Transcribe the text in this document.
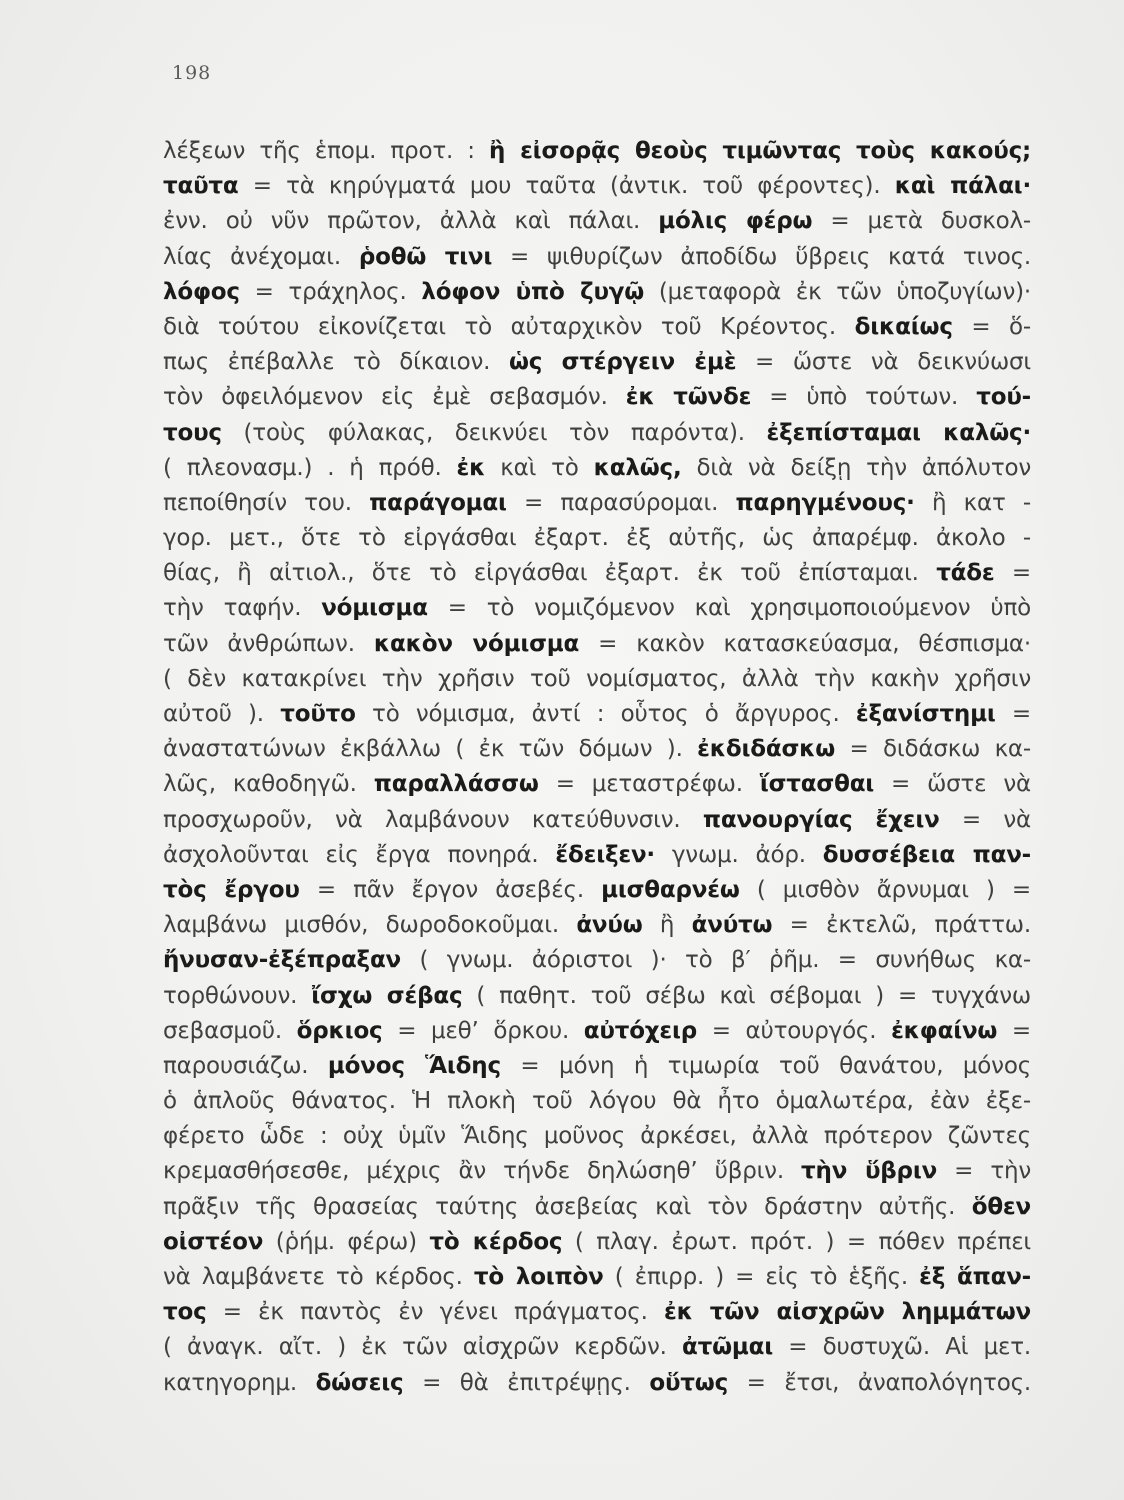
198
λέξεων τῆς ἑπομ. προτ. : ἢ εἰσορᾷς θεοὺς τιμῶντας τοὺς κακούς;
ταῦτα = τὰ κηρύγματά μου ταῦτα (ἀντικ. τοῦ φέροντες). καὶ πάλαι·
ἐνν. οὐ νῦν πρῶτον, ἀλλὰ καὶ πάλαι. μόλις φέρω = μετὰ δυσκολ-
λίας ἀνέχομαι. ῥοθῶ τινι = ψιθυρίζων ἀποδίδω ὕβρεις κατά τινος.
λόφος = τράχηλος. λόφον ὑπὸ ζυγῷ (μεταφορὰ ἐκ τῶν ὑποζυγίων)·
διὰ τούτου εἰκονίζεται τὸ αὐταρχικὸν τοῦ Κρέοντος. δικαίως = ὅ-
πως ἐπέβαλλε τὸ δίκαιον. ὡς στέργειν ἐμὲ = ὥστε νὰ δεικνύωσι
τὸν ὀφειλόμενον εἰς ἐμὲ σεβασμόν. ἐκ τῶνδε = ὑπὸ τούτων. τού-
τους (τοὺς φύλακας, δεικνύει τὸν παρόντα). ἐξεπίσταμαι καλῶς·
( πλεονασμ.) . ἡ πρόθ. ἐκ καὶ τὸ καλῶς, διὰ νὰ δείξῃ τὴν ἀπόλυτον
πεποίθησίν του. παράγομαι = παρασύρομαι. παρηγμένους· ἢ κατ -
γορ. μετ., ὅτε τὸ εἰργάσθαι ἐξαρτ. ἐξ αὐτῆς, ὡς ἀπαρέμφ. ἀκολο -
θίας, ἢ αἰτιολ., ὅτε τὸ εἰργάσθαι ἐξαρτ. ἐκ τοῦ ἐπίσταμαι. τάδε =
τὴν ταφήν. νόμισμα = τὸ νομιζόμενον καὶ χρησιμοποιούμενον ὑπὸ
τῶν ἀνθρώπων. κακὸν νόμισμα = κακὸν κατασκεύασμα, θέσπισμα·
( δὲν κατακρίνει τὴν χρῆσιν τοῦ νομίσματος, ἀλλὰ τὴν κακὴν χρῆσιν
αὐτοῦ ). τοῦτο τὸ νόμισμα, ἀντί : οὗτος ὁ ἄργυρος. ἐξανίστημι =
ἀναστατώνων ἐκβάλλω ( ἐκ τῶν δόμων ). ἐκδιδάσκω = διδάσκω κα-
λῶς, καθοδηγῶ. παραλλάσσω = μεταστρέφω. ἵστασθαι = ὥστε νὰ
προσχωροῦν, νὰ λαμβάνουν κατεύθυνσιν. πανουργίας ἔχειν = νὰ
ἀσχολοῦνται εἰς ἔργα πονηρά. ἔδειξεν· γνωμ. ἀόρ. δυσσέβεια παν-
τὸς ἔργου = πᾶν ἔργον ἀσεβές. μισθαρνέω ( μισθὸν ἄρνυμαι ) =
λαμβάνω μισθόν, δωροδοκοῦμαι. ἀνύω ἢ ἀνύτω = ἐκτελῶ, πράττω.
ἤνυσαν-ἐξέπραξαν ( γνωμ. ἀόριστοι )· τὸ β′ ῥῆμ. = συνήθως κα-
τορθώνουν. ἴσχω σέβας ( παθητ. τοῦ σέβω καὶ σέβομαι ) = τυγχάνω
σεβασμοῦ. ὅρκιος = μεθ’ ὅρκου. αὐτόχειρ = αὐτουργός. ἐκφαίνω =
παρουσιάζω. μόνος Ἅιδης = μόνη ἡ τιμωρία τοῦ θανάτου, μόνος
ὁ ἁπλοῦς θάνατος. Ἡ πλοκὴ τοῦ λόγου θὰ ἦτο ὁμαλωτέρα, ἐὰν ἐξε-
φέρετο ὧδε : οὐχ ὑμῖν Ἅιδης μοῦνος ἀρκέσει, ἀλλὰ πρότερον ζῶντες
κρεμασθήσεσθε, μέχρις ἂν τήνδε δηλώσηθ’ ὕβριν. τὴν ὕβριν = τὴν
πρᾶξιν τῆς θρασείας ταύτης ἀσεβείας καὶ τὸν δράστην αὐτῆς. ὅθεν
οἰστέον (ῥήμ. φέρω) τὸ κέρδος ( πλαγ. ἐρωτ. πρότ. ) = πόθεν πρέπει
νὰ λαμβάνετε τὸ κέρδος. τὸ λοιπὸν ( ἐπιρρ. ) = εἰς τὸ ἑξῆς. ἐξ ἅπαν-
τος = ἐκ παντὸς ἐν γένει πράγματος. ἐκ τῶν αἰσχρῶν λημμάτων
( ἀναγκ. αἴτ. ) ἐκ τῶν αἰσχρῶν κερδῶν. ἀτῶμαι = δυστυχῶ. Αἱ μετ.
κατηγορημ. δώσεις = θὰ ἐπιτρέψῃς. οὕτως = ἔτσι, ἀναπολόγητος.
